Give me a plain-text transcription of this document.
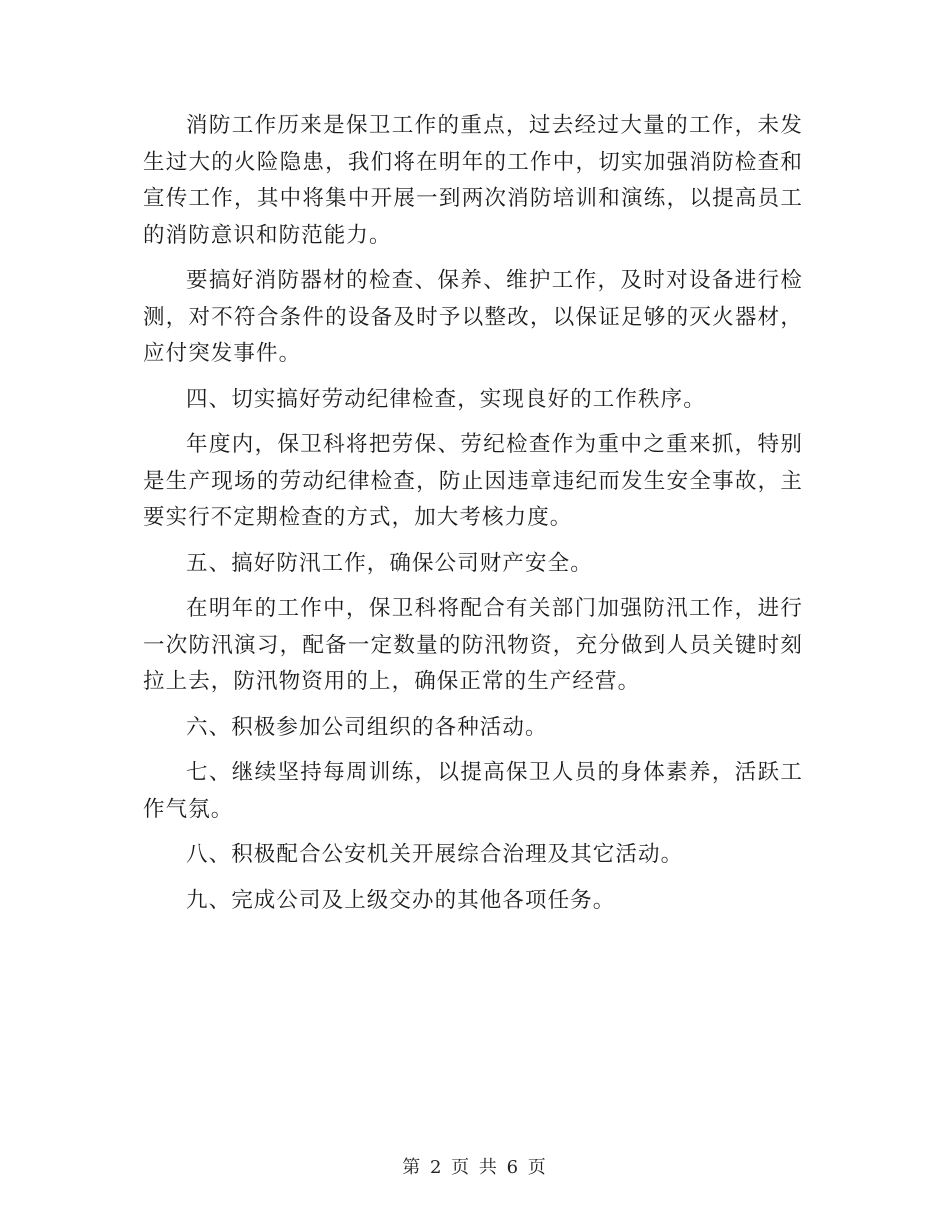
消防工作历来是保卫工作的重点，过去经过大量的工作，未发生过大的火险隐患，我们将在明年的工作中，切实加强消防检查和宣传工作，其中将集中开展一到两次消防培训和演练，以提高员工的消防意识和防范能力。

要搞好消防器材的检查、保养、维护工作，及时对设备进行检测，对不符合条件的设备及时予以整改，以保证足够的灭火器材，应付突发事件。

四、切实搞好劳动纪律检查，实现良好的工作秩序。

年度内，保卫科将把劳保、劳纪检查作为重中之重来抓，特别是生产现场的劳动纪律检查，防止因违章违纪而发生安全事故，主要实行不定期检查的方式，加大考核力度。

五、搞好防汛工作，确保公司财产安全。

在明年的工作中，保卫科将配合有关部门加强防汛工作，进行一次防汛演习，配备一定数量的防汛物资，充分做到人员关键时刻拉上去，防汛物资用的上，确保正常的生产经营。

六、积极参加公司组织的各种活动。

七、继续坚持每周训练，以提高保卫人员的身体素养，活跃工作气氛。

八、积极配合公安机关开展综合治理及其它活动。

九、完成公司及上级交办的其他各项任务。

第 2 页 共 6 页
